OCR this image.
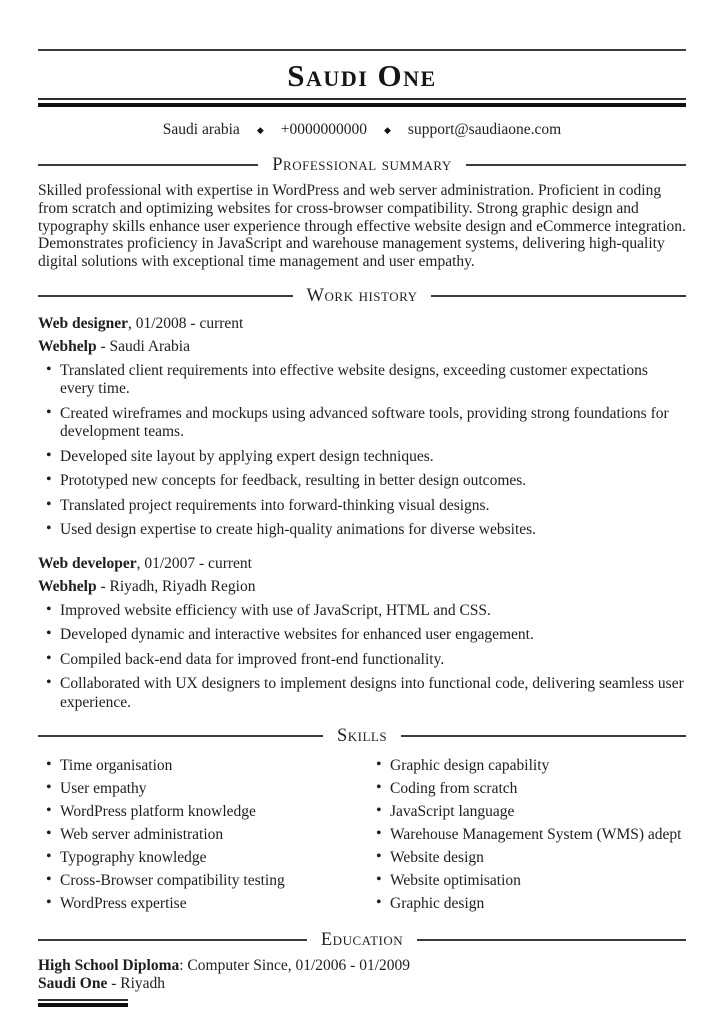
Saudi One
Saudi arabia ◆ +0000000000 ◆ support@saudiaone.com
Professional summary

Skilled professional with expertise in WordPress and web server administration. Proficient in coding from scratch and optimizing websites for cross-browser compatibility. Strong graphic design and typography skills enhance user experience through effective website design and eCommerce integration. Demonstrates proficiency in JavaScript and warehouse management systems, delivering high-quality digital solutions with exceptional time management and user empathy.

Work history

Web designer, 01/2008 - current

Webhelp - Saudi Arabia

• Translated client requirements into effective website designs, exceeding customer expectations every time.
• Created wireframes and mockups using advanced software tools, providing strong foundations for development teams.
• Developed site layout by applying expert design techniques.
• Prototyped new concepts for feedback, resulting in better design outcomes.
• Translated project requirements into forward-thinking visual designs.
• Used design expertise to create high-quality animations for diverse websites.

Web developer, 01/2007 - current

Webhelp - Riyadh, Riyadh Region

• Improved website efficiency with use of JavaScript, HTML and CSS.
• Developed dynamic and interactive websites for enhanced user engagement.
• Compiled back-end data for improved front-end functionality.
• Collaborated with UX designers to implement designs into functional code, delivering seamless user experience.
Skills
• Time organisation
• User empathy
• WordPress platform knowledge
• Web server administration
• Typography knowledge
• Cross-Browser compatibility testing
• WordPress expertise
• Graphic design capability
• Coding from scratch
• JavaScript language
• Warehouse Management System (WMS) adept
• Website design
• Website optimisation
• Graphic design
Education

High School Diploma: Computer Since, 01/2006 - 01/2009

Saudi One - Riyadh
